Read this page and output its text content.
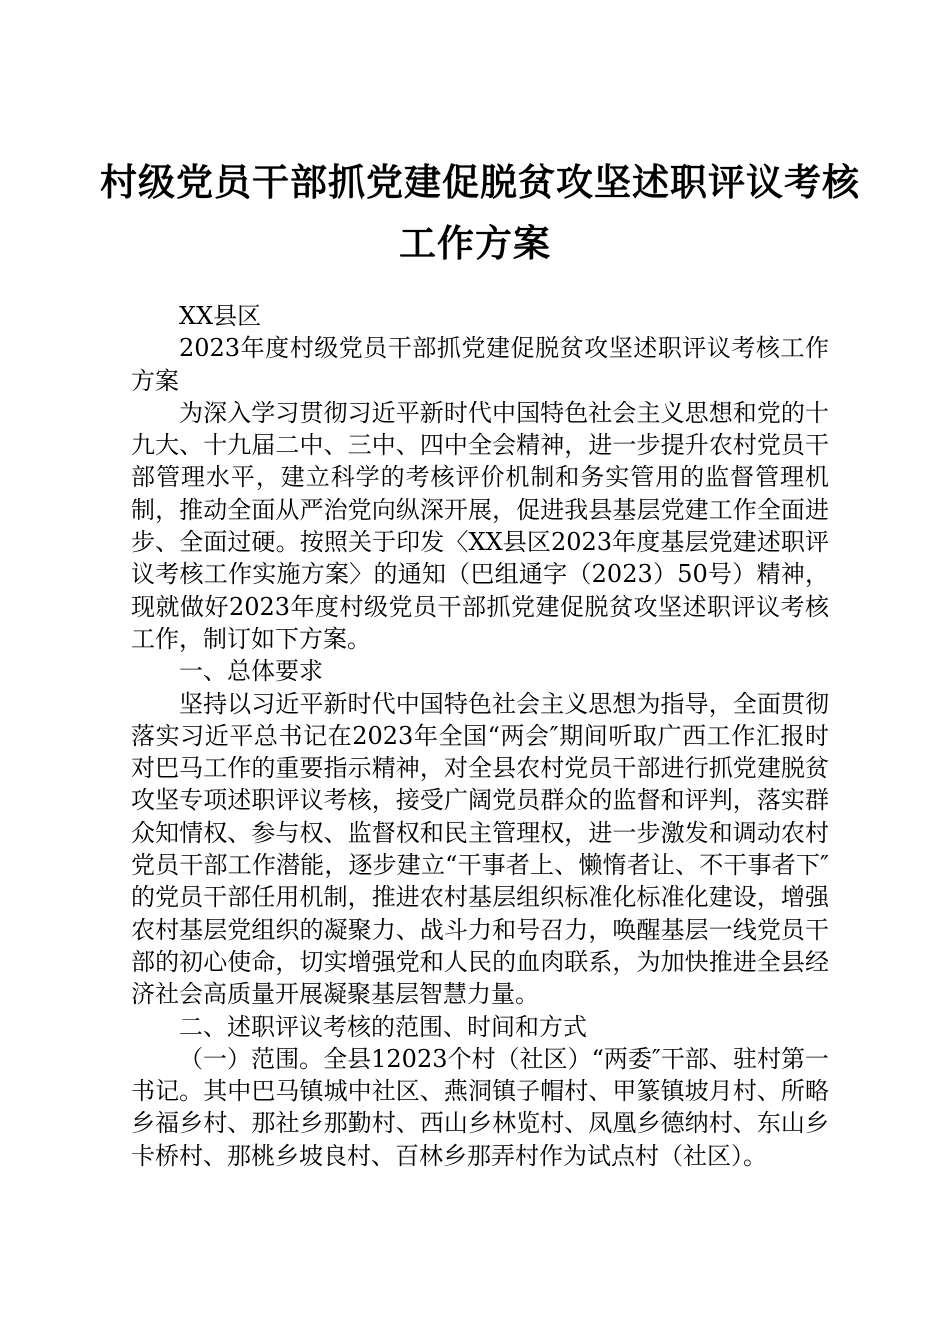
村级党员干部抓党建促脱贫攻坚述职评议考核
工作方案

XX县区

2023年度村级党员干部抓党建促脱贫攻坚述职评议考核工作方案

为深入学习贯彻习近平新时代中国特色社会主义思想和党的十九大、十九届二中、三中、四中全会精神，进一步提升农村党员干部管理水平，建立科学的考核评价机制和务实管用的监督管理机制，推动全面从严治党向纵深开展，促进我县基层党建工作全面进步、全面过硬。按照关于印发〈XX县区2023年度基层党建述职评议考核工作实施方案〉的通知（巴组通字（2023）50号）精神，现就做好2023年度村级党员干部抓党建促脱贫攻坚述职评议考核工作，制订如下方案。

一、总体要求

坚持以习近平新时代中国特色社会主义思想为指导，全面贯彻落实习近平总书记在2023年全国“两会″期间听取广西工作汇报时对巴马工作的重要指示精神，对全县农村党员干部进行抓党建脱贫攻坚专项述职评议考核，接受广阔党员群众的监督和评判，落实群众知情权、参与权、监督权和民主管理权，进一步激发和调动农村党员干部工作潜能，逐步建立“干事者上、懒惰者让、不干事者下″的党员干部任用机制，推进农村基层组织标准化标准化建设，增强农村基层党组织的凝聚力、战斗力和号召力，唤醒基层一线党员干部的初心使命，切实增强党和人民的血肉联系，为加快推进全县经济社会高质量开展凝聚基层智慧力量。

二、述职评议考核的范围、时间和方式

（一）范围。全县12023个村（社区）“两委″干部、驻村第一书记。其中巴马镇城中社区、燕洞镇子帽村、甲篆镇坡月村、所略乡福乡村、那社乡那勤村、西山乡林览村、凤凰乡德纳村、东山乡卡桥村、那桃乡坡良村、百林乡那弄村作为试点村（社区）。
